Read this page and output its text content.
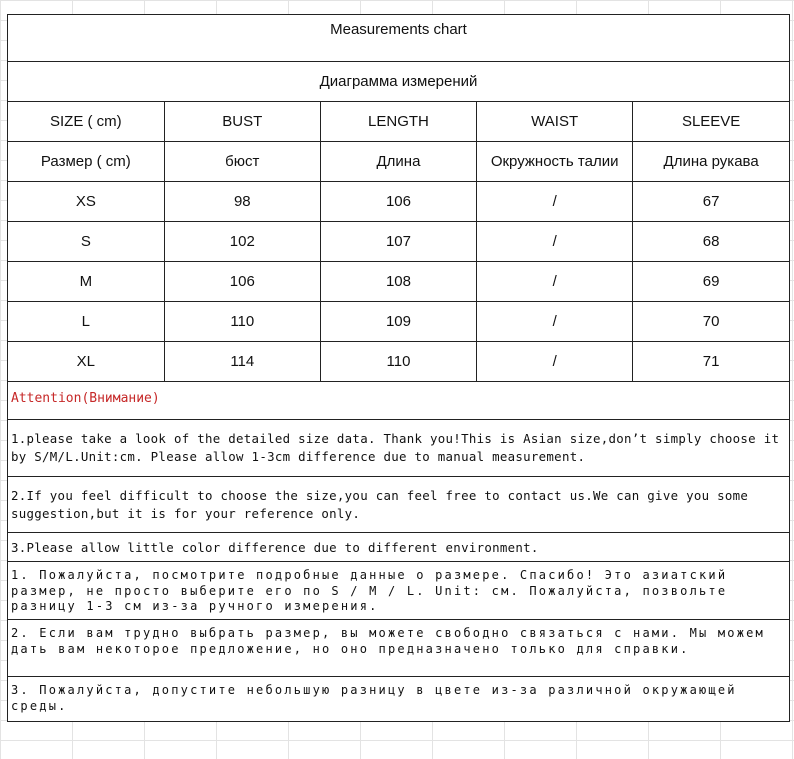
Measurements chart
Диаграмма измерений
SIZE ( cm)	BUST	LENGTH	WAIST	SLEEVE
Размер ( cm)	бюст	Длина	Окружность талии	Длина рукава
XS	98	106	/	67
S	102	107	/	68
M	106	108	/	69
L	110	109	/	70
XL	114	110	/	71
Attention(Внимание)
1.please take a look of the detailed size data. Thank you!This is Asian size,don’t simply choose it by S/M/L.Unit:cm. Please allow 1-3cm difference due to manual measurement.
2.If you feel difficult to choose the size,you can feel free to contact us.We can give you some suggestion,but it is for your reference only.
3.Please allow little color difference due to different environment.
1. Пожалуйста, посмотрите подробные данные о размере. Спасибо! Это азиатский размер, не просто выберите его по S / M / L. Unit: см. Пожалуйста, позвольте разницу 1-3 см из-за ручного измерения.
2. Если вам трудно выбрать размер, вы можете свободно связаться с нами. Мы можем дать вам некоторое предложение, но оно предназначено только для справки.
3. Пожалуйста, допустите небольшую разницу в цвете из-за различной окружающей среды.
